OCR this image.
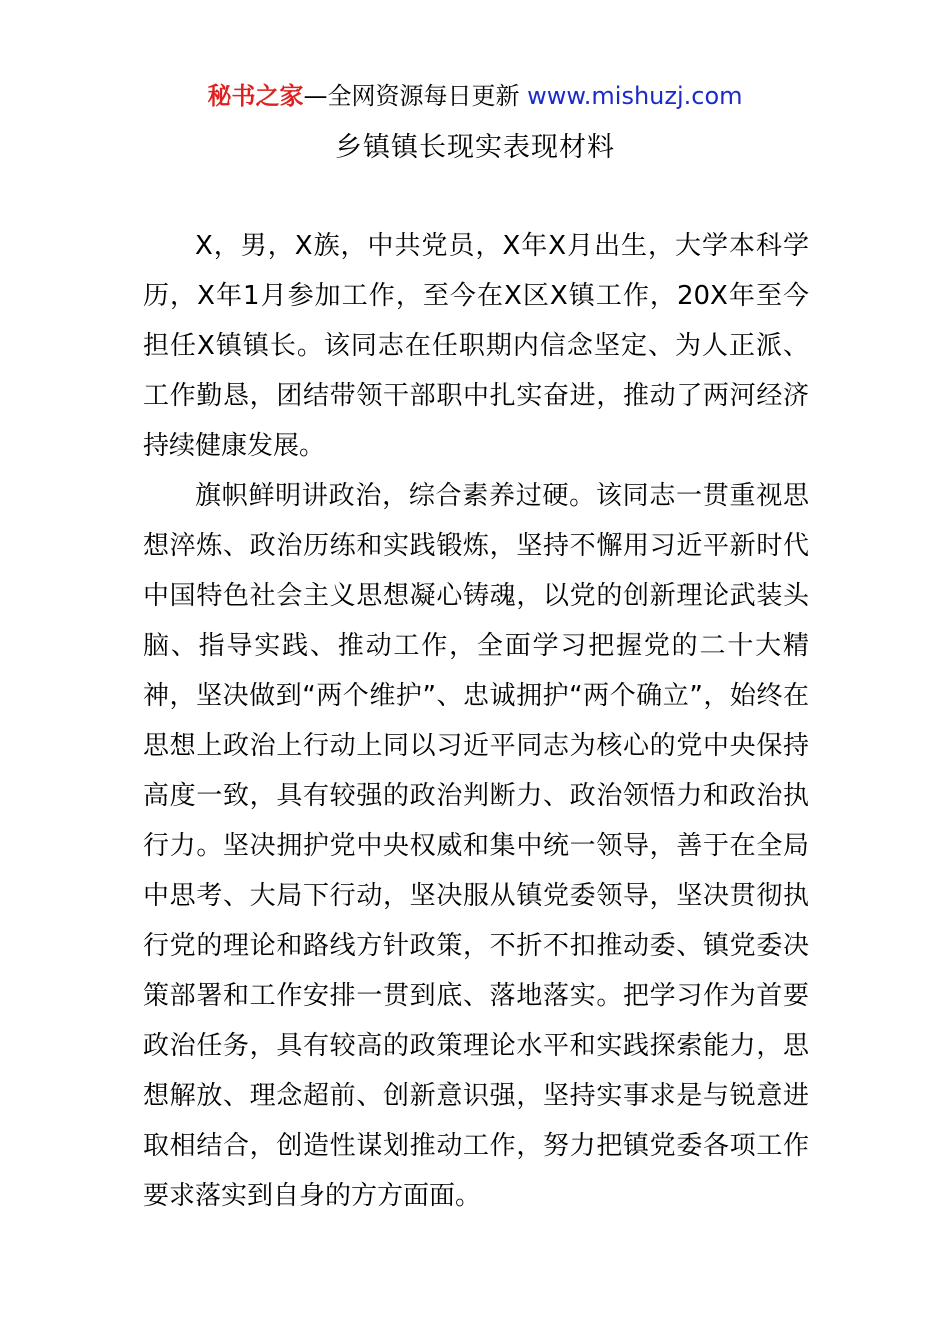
秘书之家—全网资源每日更新 www.mishuzj.com
乡镇镇长现实表现材料

X，男，X族，中共党员，X年X月出生，大学本科学历，X年1月参加工作，至今在X区X镇工作，20X年至今担任X镇镇长。该同志在任职期内信念坚定、为人正派、工作勤恳，团结带领干部职中扎实奋进，推动了两河经济持续健康发展。

旗帜鲜明讲政治，综合素养过硬。该同志一贯重视思想淬炼、政治历练和实践锻炼，坚持不懈用习近平新时代中国特色社会主义思想凝心铸魂，以党的创新理论武装头脑、指导实践、推动工作，全面学习把握党的二十大精神，坚决做到“两个维护”、忠诚拥护“两个确立”，始终在思想上政治上行动上同以习近平同志为核心的党中央保持高度一致，具有较强的政治判断力、政治领悟力和政治执行力。坚决拥护党中央权威和集中统一领导，善于在全局中思考、大局下行动，坚决服从镇党委领导，坚决贯彻执行党的理论和路线方针政策，不折不扣推动委、镇党委决策部署和工作安排一贯到底、落地落实。把学习作为首要政治任务，具有较高的政策理论水平和实践探索能力，思想解放、理念超前、创新意识强，坚持实事求是与锐意进取相结合，创造性谋划推动工作，努力把镇党委各项工作要求落实到自身的方方面面。
